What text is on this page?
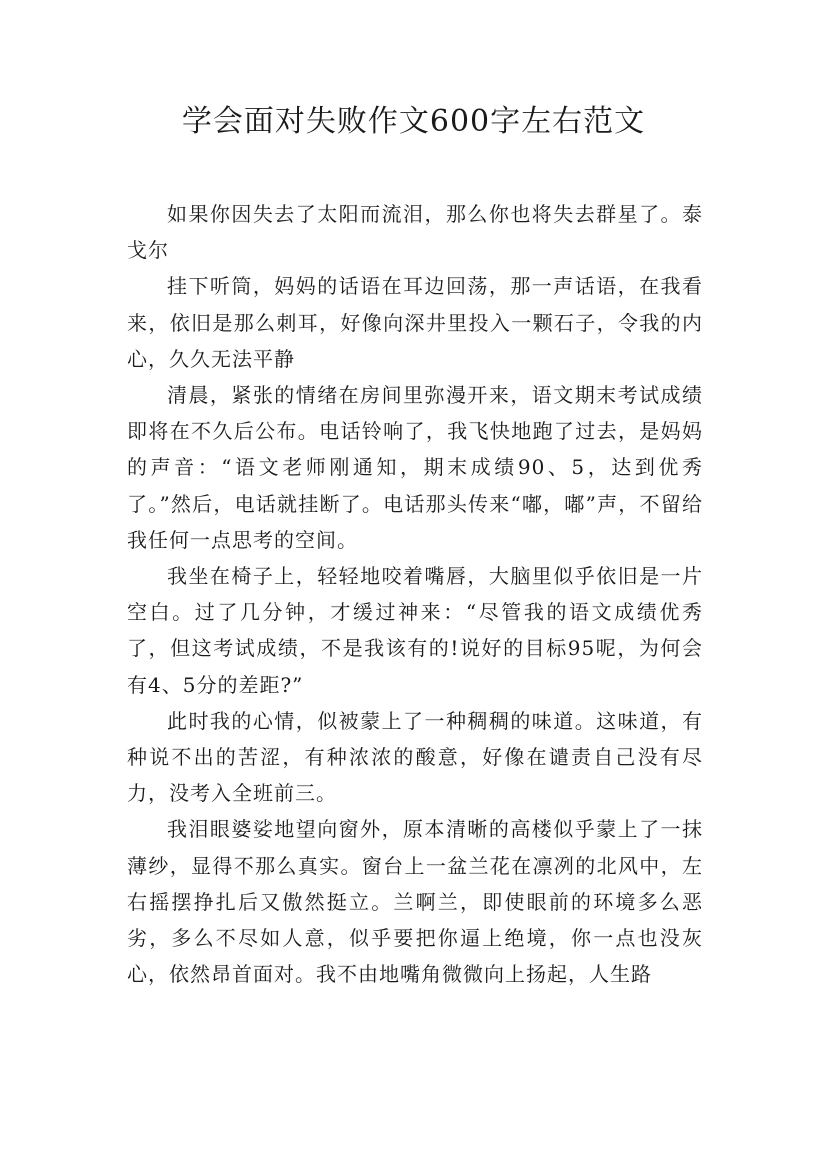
学会面对失败作文600字左右范文

如果你因失去了太阳而流泪，那么你也将失去群星了。泰戈尔

挂下听筒，妈妈的话语在耳边回荡，那一声话语，在我看来，依旧是那么刺耳，好像向深井里投入一颗石子，令我的内心，久久无法平静

清晨，紧张的情绪在房间里弥漫开来，语文期末考试成绩即将在不久后公布。电话铃响了，我飞快地跑了过去，是妈妈的声音：“语文老师刚通知，期末成绩90、5，达到优秀了。”然后，电话就挂断了。电话那头传来“嘟，嘟”声，不留给我任何一点思考的空间。

我坐在椅子上，轻轻地咬着嘴唇，大脑里似乎依旧是一片空白。过了几分钟，才缓过神来：“尽管我的语文成绩优秀了，但这考试成绩，不是我该有的!说好的目标95呢，为何会有4、5分的差距?”

此时我的心情，似被蒙上了一种稠稠的味道。这味道，有种说不出的苦涩，有种浓浓的酸意，好像在谴责自己没有尽力，没考入全班前三。

我泪眼婆娑地望向窗外，原本清晰的高楼似乎蒙上了一抹薄纱，显得不那么真实。窗台上一盆兰花在凛冽的北风中，左右摇摆挣扎后又傲然挺立。兰啊兰，即使眼前的环境多么恶劣，多么不尽如人意，似乎要把你逼上绝境，你一点也没灰心，依然昂首面对。我不由地嘴角微微向上扬起，人生路
